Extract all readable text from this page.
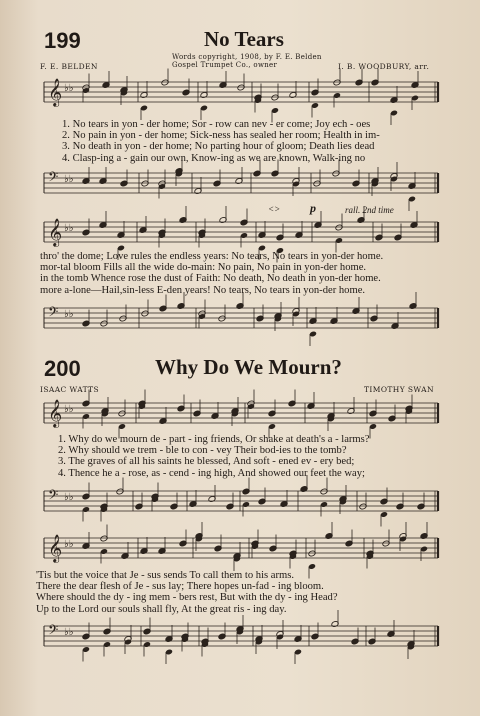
199	No Tears
Words copyright, 1908, by F. E. Belden
Gospel Trumpet Co., owner
F. E. BELDEN	I. B. WOODBURY, arr.
𝄞 ♭♭
1. No tears in yon - der home; Sor - row can nev - er come; Joy ech - oes
2. No pain in yon - der home; Sick-ness has sealed her room; Health in im-
3. No death in yon - der home; No parting hour of gloom; Death lies dead
4. Clasp-ing a - gain our own, Know-ing as we are known, Walk-ing no
𝄢 ♭♭
<> p	rall. 2nd time
𝄞 ♭♭
thro' the dome; Love rules the endless years: No tears, No tears in yon-der home.
mor-tal bloom Fills all the wide do-main: No pain, No pain in yon-der home.
in the tomb Whence rose the dust of Faith: No death, No death in yon-der home.
more a-lone—Hail,sin-less E-den years! No tears, No tears in yon-der home.
𝄢 ♭♭
200	Why Do We Mourn?
ISAAC WATTS	TIMOTHY SWAN
𝄞 ♭♭
1. Why do we mourn de - part - ing friends, Or shake at death's a - larms?
2. Why should we trem - ble to con - vey Their bod-ies to the tomb?
3. The graves of all his saints he blessed, And soft - ened ev - ery bed;
4. Thence he a - rose, as - cend - ing high, And showed our feet the way;
𝄢 ♭♭
𝄞 ♭♭
'Tis but the voice that Je - sus sends To call them to his arms.
There the dear flesh of Je - sus lay; There hopes un-fad - ing bloom.
Where should the dy - ing mem - bers rest, But with the dy - ing Head?
Up to the Lord our souls shall fly, At the great ris - ing day.
𝄢 ♭♭
